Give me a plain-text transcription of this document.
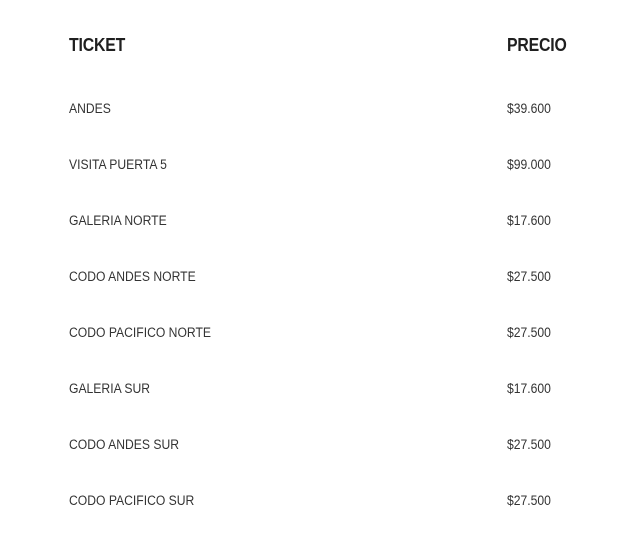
TICKET	PRECIO
ANDES	$39.600
VISITA PUERTA 5	$99.000
GALERIA NORTE	$17.600
CODO ANDES NORTE	$27.500
CODO PACIFICO NORTE	$27.500
GALERIA SUR	$17.600
CODO ANDES SUR	$27.500
CODO PACIFICO SUR	$27.500
